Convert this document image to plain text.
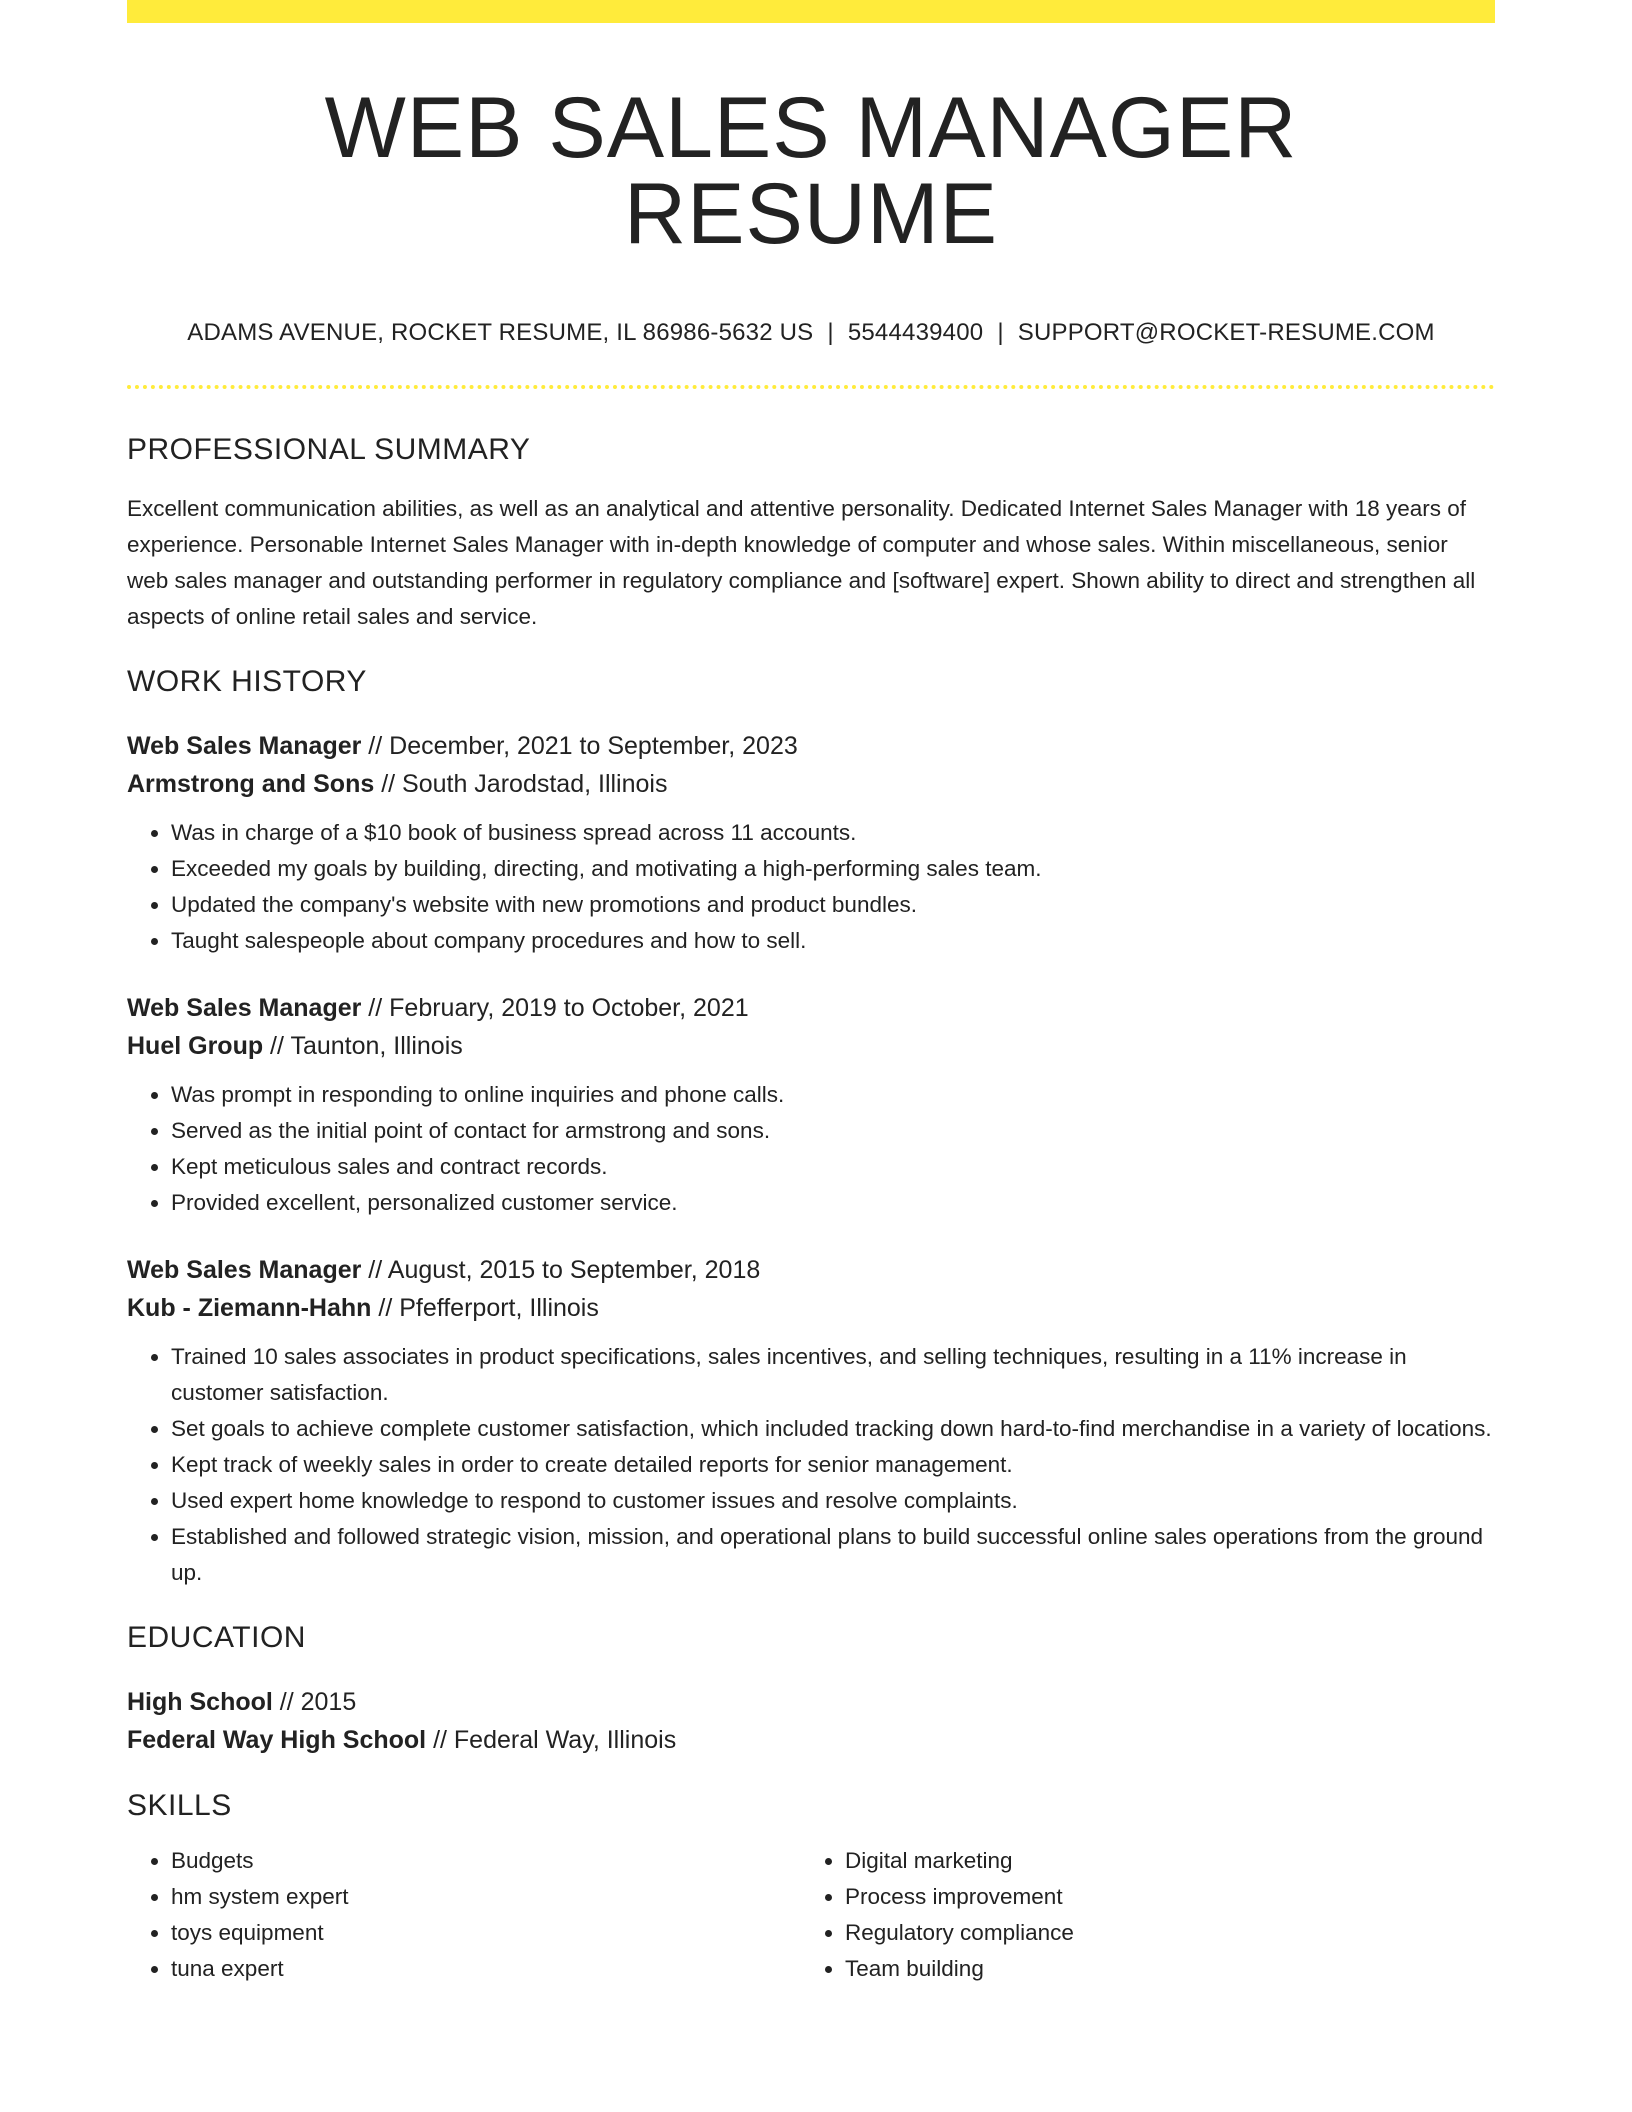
WEB SALES MANAGER RESUME
ADAMS AVENUE, ROCKET RESUME, IL 86986-5632 US | 5544439400 | SUPPORT@ROCKET-RESUME.COM
PROFESSIONAL SUMMARY
Excellent communication abilities, as well as an analytical and attentive personality. Dedicated Internet Sales Manager with 18 years of experience. Personable Internet Sales Manager with in-depth knowledge of computer and whose sales. Within miscellaneous, senior web sales manager and outstanding performer in regulatory compliance and [software] expert. Shown ability to direct and strengthen all aspects of online retail sales and service.
WORK HISTORY
Web Sales Manager // December, 2021 to September, 2023
Armstrong and Sons // South Jarodstad, Illinois
• Was in charge of a $10 book of business spread across 11 accounts.
• Exceeded my goals by building, directing, and motivating a high-performing sales team.
• Updated the company's website with new promotions and product bundles.
• Taught salespeople about company procedures and how to sell.
Web Sales Manager // February, 2019 to October, 2021
Huel Group // Taunton, Illinois
• Was prompt in responding to online inquiries and phone calls.
• Served as the initial point of contact for armstrong and sons.
• Kept meticulous sales and contract records.
• Provided excellent, personalized customer service.
Web Sales Manager // August, 2015 to September, 2018
Kub - Ziemann-Hahn // Pfefferport, Illinois
• Trained 10 sales associates in product specifications, sales incentives, and selling techniques, resulting in a 11% increase in customer satisfaction.
• Set goals to achieve complete customer satisfaction, which included tracking down hard-to-find merchandise in a variety of locations.
• Kept track of weekly sales in order to create detailed reports for senior management.
• Used expert home knowledge to respond to customer issues and resolve complaints.
• Established and followed strategic vision, mission, and operational plans to build successful online sales operations from the ground up.
EDUCATION
High School // 2015
Federal Way High School // Federal Way, Illinois
SKILLS
• Budgets
• hm system expert
• toys equipment
• tuna expert
• Digital marketing
• Process improvement
• Regulatory compliance
• Team building
